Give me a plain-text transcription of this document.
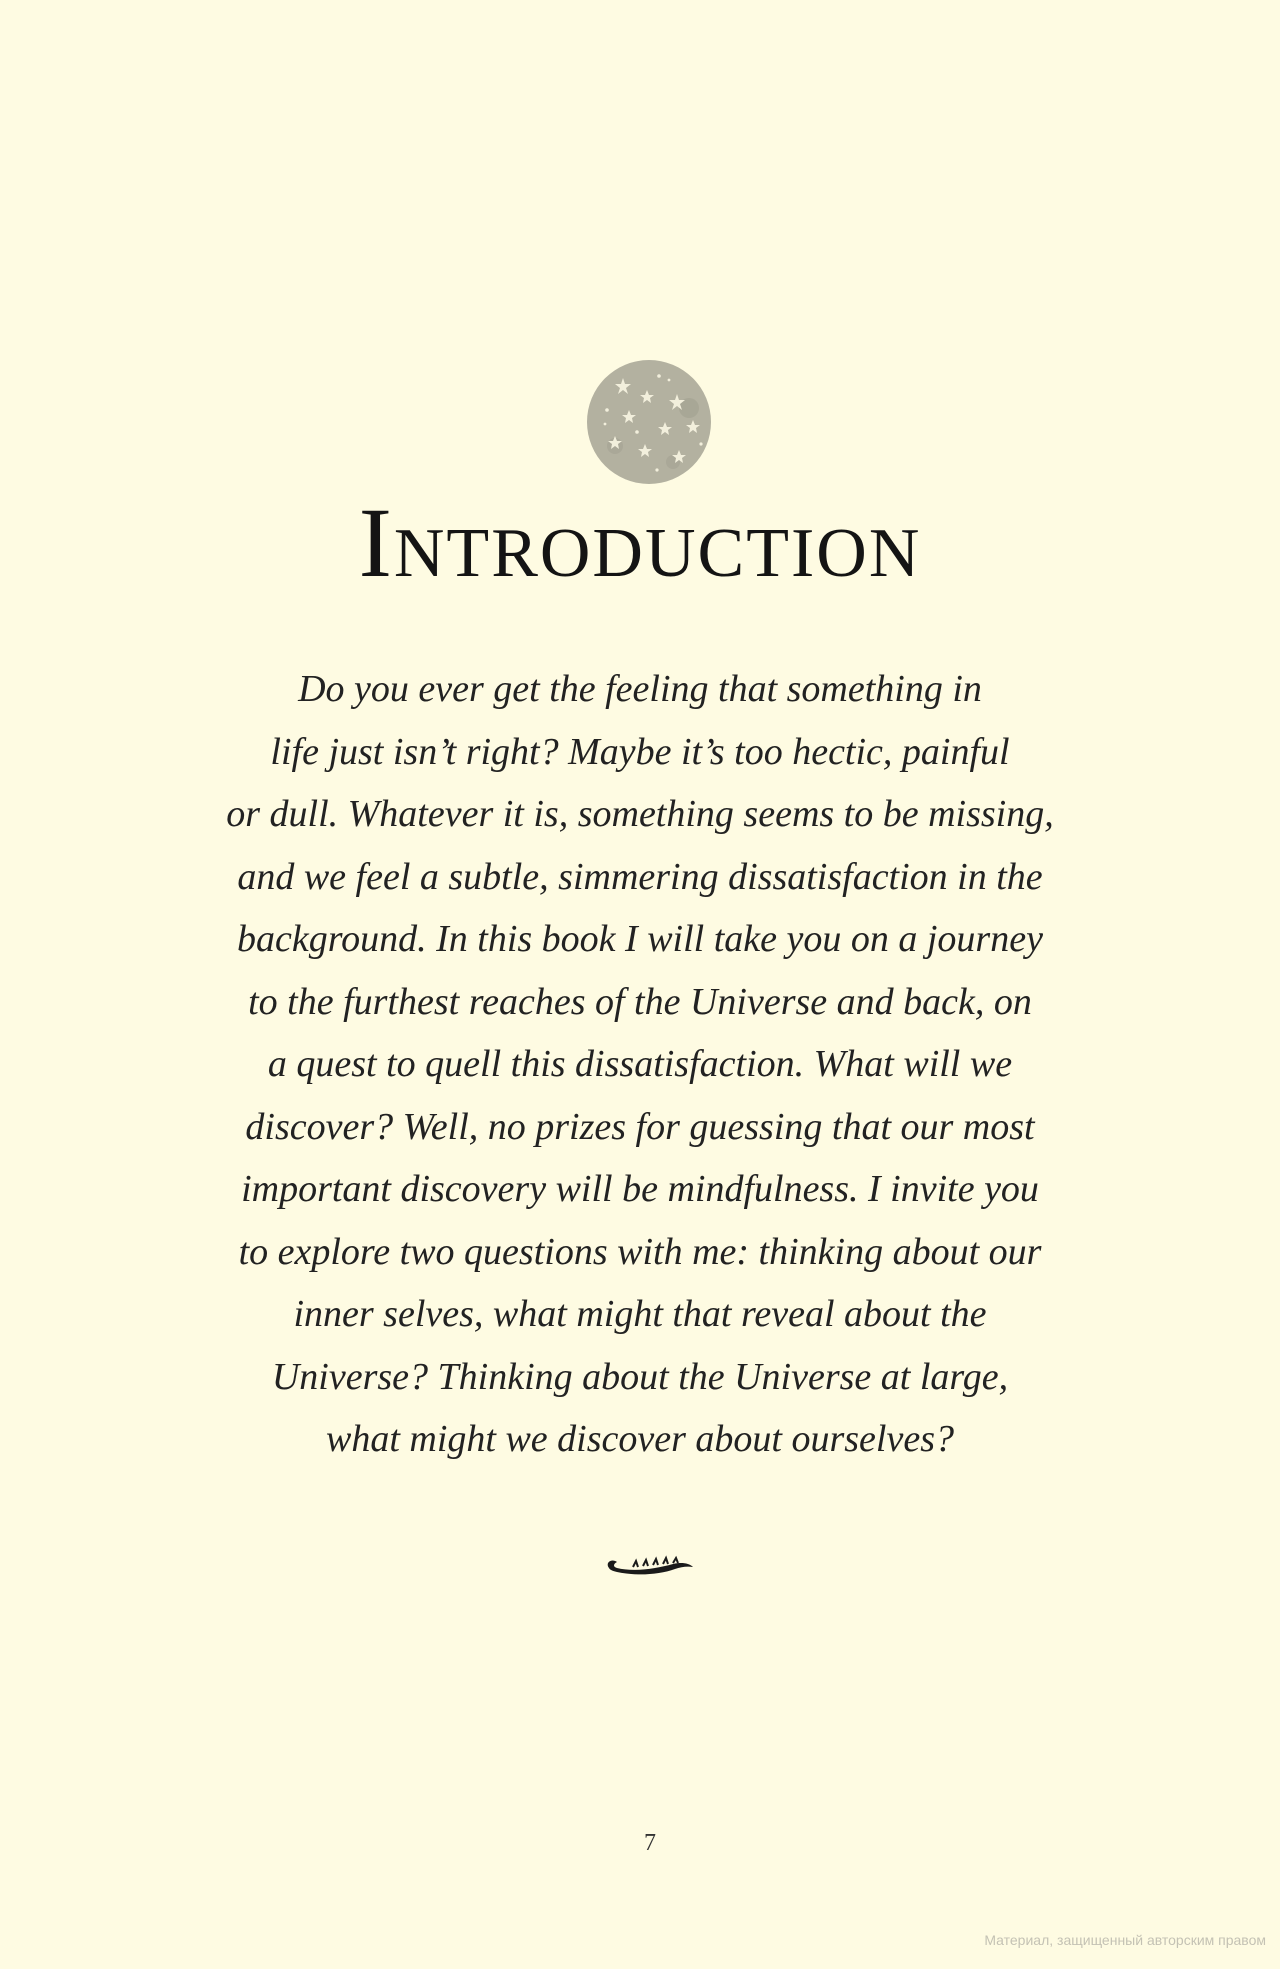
Introduction

Do you ever get the feeling that something in
life just isn’t right? Maybe it’s too hectic, painful
or dull. Whatever it is, something seems to be missing,
and we feel a subtle, simmering dissatisfaction in the
background. In this book I will take you on a journey
to the furthest reaches of the Universe and back, on
a quest to quell this dissatisfaction. What will we
discover? Well, no prizes for guessing that our most
important discovery will be mindfulness. I invite you
to explore two questions with me: thinking about our
inner selves, what might that reveal about the
Universe? Thinking about the Universe at large,
what might we discover about ourselves?

7
Материал, защищенный авторским правом
